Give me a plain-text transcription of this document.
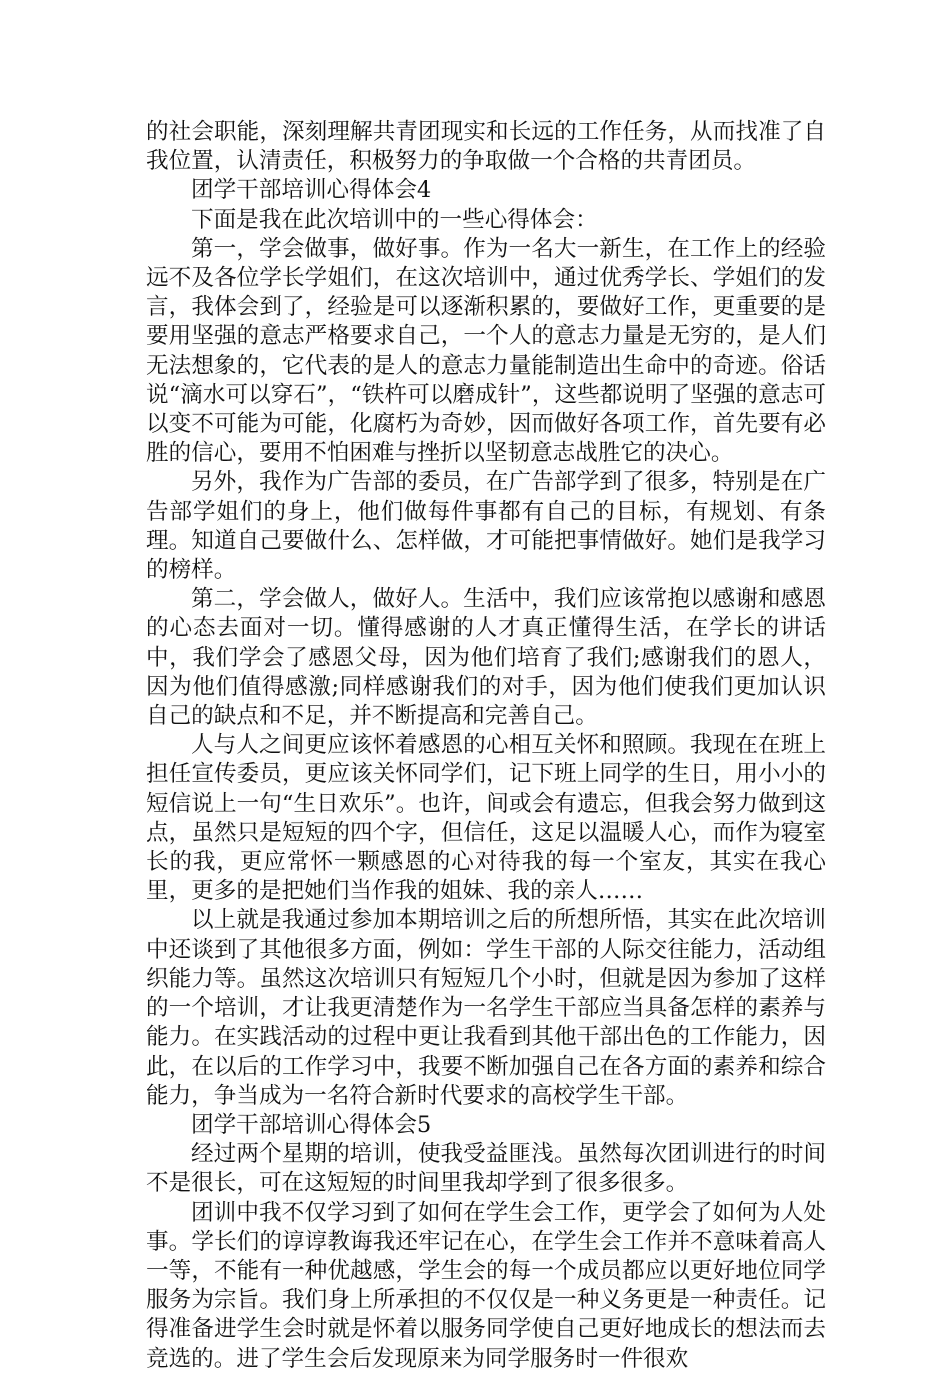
的社会职能，深刻理解共青团现实和长远的工作任务，从而找准了自我位置，认清责任，积极努力的争取做一个合格的共青团员。

团学干部培训心得体会4

下面是我在此次培训中的一些心得体会：

第一，学会做事，做好事。作为一名大一新生，在工作上的经验远不及各位学长学姐们，在这次培训中，通过优秀学长、学姐们的发言，我体会到了，经验是可以逐渐积累的，要做好工作，更重要的是要用坚强的意志严格要求自己，一个人的意志力量是无穷的，是人们无法想象的，它代表的是人的意志力量能制造出生命中的奇迹。俗话说“滴水可以穿石”，“铁杵可以磨成针”，这些都说明了坚强的意志可以变不可能为可能，化腐朽为奇妙，因而做好各项工作，首先要有必胜的信心，要用不怕困难与挫折以坚韧意志战胜它的决心。

另外，我作为广告部的委员，在广告部学到了很多，特别是在广告部学姐们的身上，他们做每件事都有自己的目标，有规划、有条理。知道自己要做什么、怎样做，才可能把事情做好。她们是我学习的榜样。

第二，学会做人，做好人。生活中，我们应该常抱以感谢和感恩的心态去面对一切。懂得感谢的人才真正懂得生活，在学长的讲话中，我们学会了感恩父母，因为他们培育了我们;感谢我们的恩人，因为他们值得感激;同样感谢我们的对手，因为他们使我们更加认识自己的缺点和不足，并不断提高和完善自己。

人与人之间更应该怀着感恩的心相互关怀和照顾。我现在在班上担任宣传委员，更应该关怀同学们，记下班上同学的生日，用小小的短信说上一句“生日欢乐”。也许，间或会有遗忘，但我会努力做到这点，虽然只是短短的四个字，但信任，这足以温暖人心，而作为寝室长的我，更应常怀一颗感恩的心对待我的每一个室友，其实在我心里，更多的是把她们当作我的姐妹、我的亲人……

以上就是我通过参加本期培训之后的所想所悟，其实在此次培训中还谈到了其他很多方面，例如：学生干部的人际交往能力，活动组织能力等。虽然这次培训只有短短几个小时，但就是因为参加了这样的一个培训，才让我更清楚作为一名学生干部应当具备怎样的素养与能力。在实践活动的过程中更让我看到其他干部出色的工作能力，因此，在以后的工作学习中，我要不断加强自己在各方面的素养和综合能力，争当成为一名符合新时代要求的高校学生干部。

团学干部培训心得体会5

经过两个星期的培训，使我受益匪浅。虽然每次团训进行的时间不是很长，可在这短短的时间里我却学到了很多很多。

团训中我不仅学习到了如何在学生会工作，更学会了如何为人处事。学长们的谆谆教诲我还牢记在心，在学生会工作并不意味着高人一等，不能有一种优越感，学生会的每一个成员都应以更好地位同学服务为宗旨。我们身上所承担的不仅仅是一种义务更是一种责任。记得准备进学生会时就是怀着以服务同学使自己更好地成长的想法而去竞选的。进了学生会后发现原来为同学服务时一件很欢
